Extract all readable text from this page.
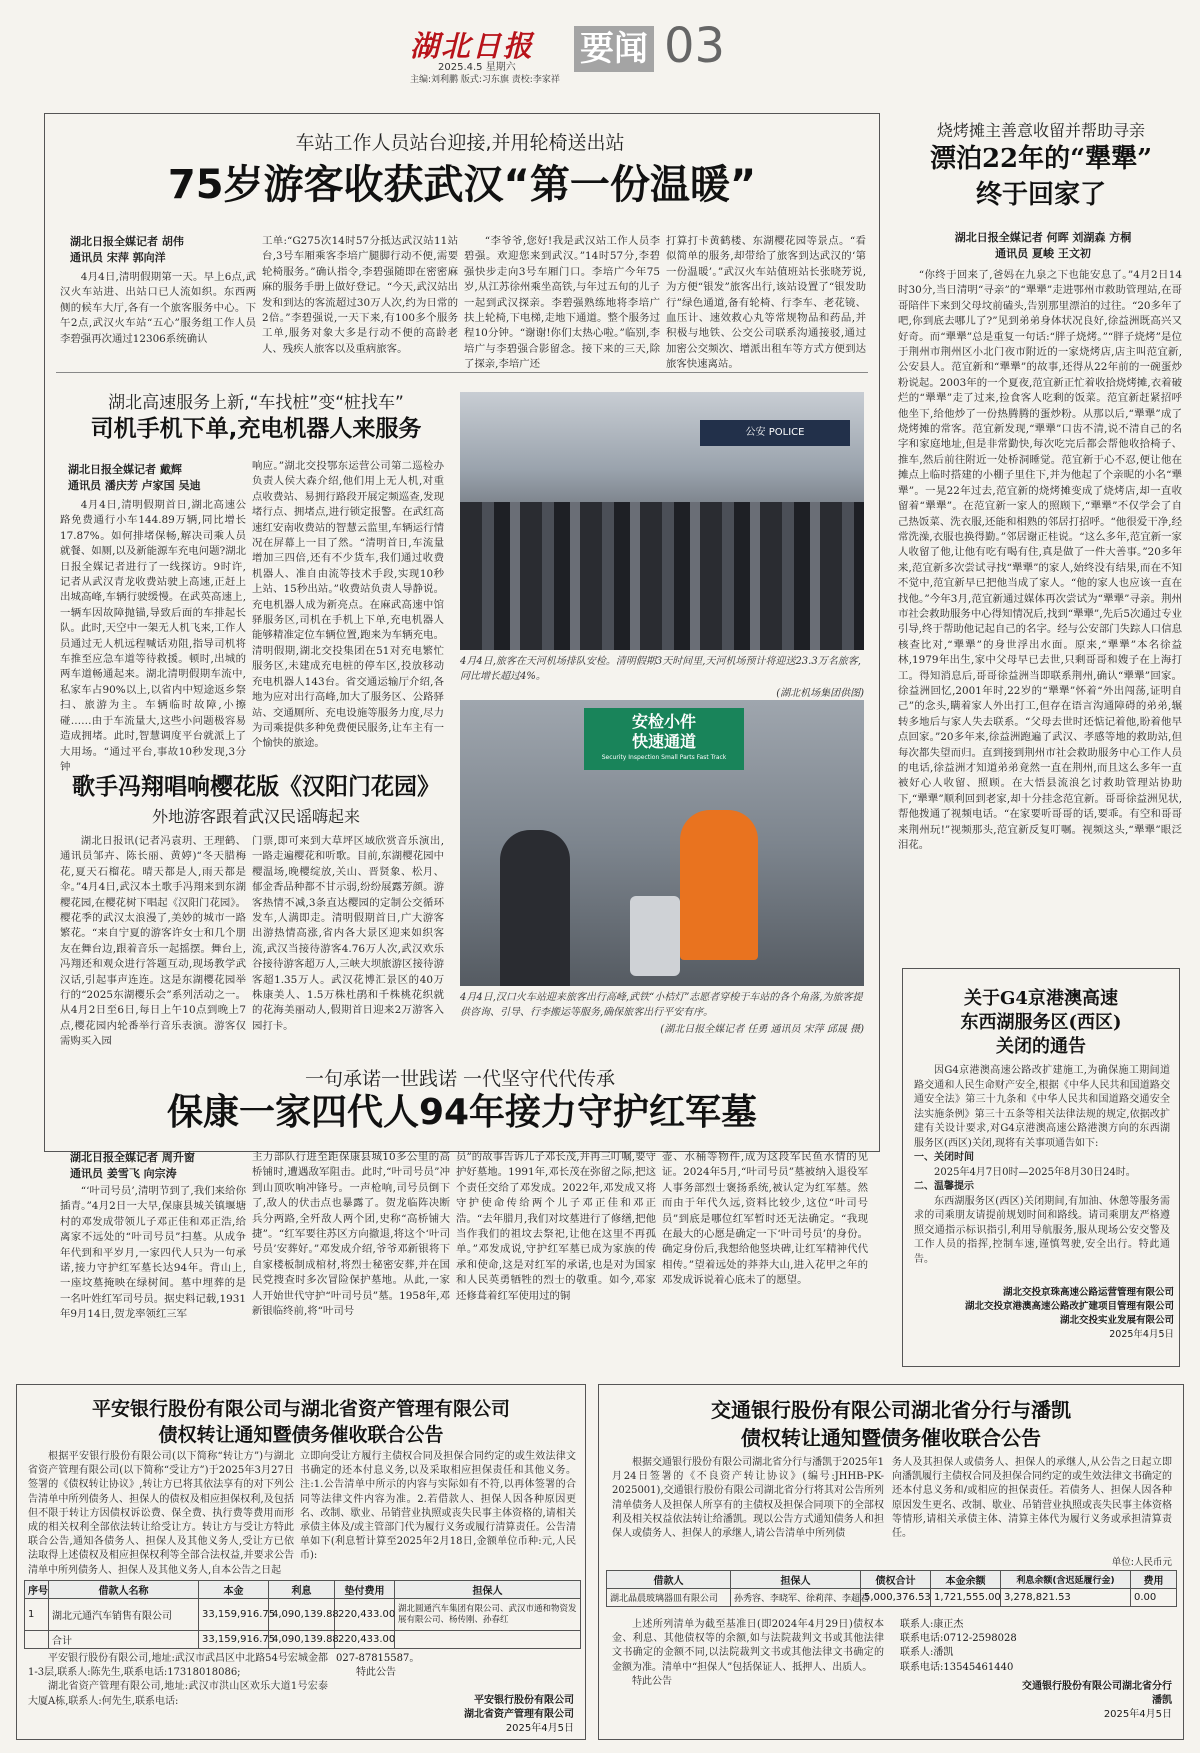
湖北日报
2025.4.5 星期六
主编:刘利鹏 版式:习东旗 责校:李家祥
要闻 03
车站工作人员站台迎接,并用轮椅送出站
75岁游客收获武汉“第一份温暖”
湖北日报全媒记者 胡伟
通讯员 宋萍 郭向洋
4月4日,清明假期第一天。早上6点,武汉火车站进、出站口已人流如织。东西两侧的候车大厅,各有一个旅客服务中心。下午2点,武汉火车站“五心”服务组工作人员李碧强再次通过12306系统确认
工单:“G275次14时57分抵达武汉站11站台,3号车厢乘客李培广腿脚行动不便,需要轮椅服务。”确认指令,李碧强随即在密密麻麻的服务手册上做好登记。“今天,武汉站出发和到达的客流超过30万人次,约为日常的2倍。”李碧强说,一天下来,有100多个服务工单,服务对象大多是行动不便的高龄老人、残疾人旅客以及重病旅客。
“李爷爷,您好!我是武汉站工作人员李碧强。欢迎您来到武汉。”14时57分,李碧强快步走向3号车厢门口。李培广今年75岁,从江苏徐州乘坐高铁,与年过五旬的儿子一起到武汉探亲。李碧强熟练地将李培广扶上轮椅,下电梯,走地下通道。整个服务过程10分钟。“谢谢!你们太热心啦。”临别,李培广与李碧强合影留念。接下来的三天,除了探亲,李培广还
打算打卡黄鹤楼、东湖樱花园等景点。“看似简单的服务,却带给了旅客到达武汉的‘第一份温暖’。”武汉火车站值班站长张晓芳说,为方便“银发”旅客出行,该站设置了“银发助行”绿色通道,备有轮椅、行李车、老花镜、血压计、速效救心丸等常规物品和药品,并积极与地铁、公交公司联系沟通接驳,通过加密公交频次、增派出租车等方式方便到达旅客快速离站。
湖北高速服务上新,“车找桩”变“桩找车”
司机手机下单,充电机器人来服务
湖北日报全媒记者 戴辉
通讯员 潘庆芳 卢家国 吴迪
4月4日,清明假期首日,湖北高速公路免费通行小车144.89万辆,同比增长17.87%。如何排堵保畅,解决司乘人员就餐、如厕,以及新能源车充电问题?湖北日报全媒记者进行了一线探访。9时许,记者从武汉青龙收费站驶上高速,正赶上出城高峰,车辆行驶缓慢。在武英高速上,一辆车因故障抛锚,导致后面的车排起长队。此时,天空中一架无人机飞来,工作人员通过无人机远程喊话劝阻,指导司机将车推至应急车道等待救援。顿时,出城的两车道畅通起来。湖北清明假期车流中,私家车占90%以上,以省内中短途返乡祭扫、旅游为主。车辆临时故障,小擦碰……由于车流量大,这些小问题极容易造成拥堵。此时,智慧调度平台就派上了大用场。“通过平台,事故10秒发现,3分钟
响应。”湖北交投鄂东运营公司第二巡检办负责人侯大森介绍,他们用上无人机,对重点收费站、易拥行路段开展定频巡查,发现堵行点、拥堵点,进行锁定报警。在武红高速红安南收费站的智慧云监里,车辆运行情况在屏幕上一目了然。“清明首日,车流量增加三四倍,还有不少货车,我们通过收费机器人、准自由流等技术手段,实现10秒上站、15秒出站。”收费站负责人导静说。充电机器人成为新亮点。在麻武高速中馆驿服务区,司机在手机上下单,充电机器人能够精准定位车辆位置,跑来为车辆充电。清明假期,湖北交投集团在51对充电繁忙服务区,未建成充电桩的停车区,投放移动充电机器人143台。省交通运输厅介绍,各地为应对出行高峰,加大了服务区、公路驿站、交通厕所、充电设施等服务力度,尽力为司乘提供多种免费便民服务,让车主有一个愉快的旅途。
公安 POLICE
4月4日,旅客在天河机场排队安检。清明假期3天时间里,天河机场预计将迎送23.3万名旅客,同比增长超过4%。
(湖北机场集团供图)
歌手冯翔唱响樱花版《汉阳门花园》
外地游客跟着武汉民谣嗨起来
湖北日报讯(记者冯袁玥、王理鹤、通讯员邹卉、陈长丽、黄婷)“冬天腊梅花,夏天石榴花。晴天都是人,雨天都是伞。”4月4日,武汉本土歌手冯翔来到东湖樱花园,在樱花树下唱起《汉阳门花园》。樱花季的武汉太浪漫了,美妙的城市一路繁花。“来自宁夏的游客许女士和几个朋友在舞台边,跟着音乐一起摇摆。舞台上,冯翔还和观众进行答题互动,现场教学武汉话,引起事声连连。这是东湖樱花园举行的“2025东湖樱乐会”系列活动之一。从4月2日至6日,每日上午10点到晚上7点,樱花园内轮番举行音乐表演。游客仅需购买入园
门票,即可来到大草坪区域欣赏音乐演出,一路走遍樱花和听歌。目前,东湖樱花园中樱温场,晚樱绽放,关山、晋贤象、松月、郁金香品种都不甘示弱,纷纷展露芳颜。游客热情不减,3条直达樱园的定制公交循环发车,人满即走。清明假期首日,广大游客出游热情高涨,省内各大景区迎来如织客流,武汉当接待游客4.76万人次,武汉欢乐谷接待游客超万人,三峡大坝旅游区接待游客超1.35万人。武汉花博汇景区的40万株康美人、1.5万株杜鹃和千株桃花织就的花海美丽动人,假期首日迎来2万游客入园打卡。
安检小件
快速通道
Security Inspection Small Parts Fast Track
4月4日,汉口火车站迎来旅客出行高峰,武铁“小桔灯”志愿者穿梭于车站的各个角落,为旅客提供咨询、引导、行李搬运等服务,确保旅客出行平安有序。
(湖北日报全媒记者 任勇 通讯员 宋萍 邱晟 摄)
烧烤摊主善意收留并帮助寻亲
漂泊22年的“犟犟”
终于回家了
湖北日报全媒记者 何晖 刘湖森 方桐
通讯员 夏峻 王文初
“你终于回来了,爸妈在九泉之下也能安息了。”4月2日14时30分,当日清明“寻亲”的“犟犟”走进鄂州市救助管理站,在哥哥陪伴下来到父母坟前磕头,告别那里漂泊的过往。“20多年了吧,你到底去哪儿了?”见到弟弟身体状况良好,徐益洲既高兴又好奇。而“犟犟”总是重复一句话:“胖子烧烤。”“胖子烧烤”是位于荆州市荆州区小北门夜市附近的一家烧烤店,店主叫范宜新,公安县人。范宜新和“犟犟”的故事,还得从22年前的一碗蛋炒粉说起。2003年的一个夏夜,范宜新正忙着收拾烧烤摊,衣着破烂的“犟犟”走了过来,捡食客人吃剩的饭菜。范宜新赶紧招呼他坐下,给他炒了一份热腾腾的蛋炒粉。从那以后,“犟犟”成了烧烤摊的常客。范宜新发现,“犟犟”口齿不清,说不清自己的名字和家庭地址,但是非常勤快,每次吃完后都会帮他收拾椅子、推车,然后前往附近一处桥洞睡觉。范宜新于心不忍,便让他在摊点上临时搭建的小棚子里住下,并为他起了个亲昵的小名“犟犟”。一晃22年过去,范宜新的烧烤摊变成了烧烤店,却一直收留着“犟犟”。在范宜新一家人的照顾下,“犟犟”不仅学会了自己热饭菜、洗衣服,还能和相熟的邻居打招呼。“他很爱干净,经常洗澡,衣服也换得勤。”邻居谢正桂说。“这么多年,范宜新一家人收留了他,让他有吃有喝有住,真是做了一件大善事。”20多年来,范宜新多次尝试寻找“犟犟”的家人,始终没有结果,而在不知不觉中,范宜新早已把他当成了家人。“他的家人也应该一直在找他。”今年3月,范宜新通过媒体再次尝试为“犟犟”寻亲。荆州市社会救助服务中心得知情况后,找到“犟犟”,先后5次通过专业引导,终于帮助他记起自己的名字。经与公安部门失踪人口信息核查比对,“犟犟”的身世浮出水面。原来,“犟犟”本名徐益林,1979年出生,家中父母早已去世,只剩哥哥和嫂子在上海打工。得知消息后,哥哥徐益洲当即联系荆州,确认“犟犟”回家。徐益洲回忆,2001年时,22岁的“犟犟”怀着“外出闯荡,证明自己”的念头,瞒着家人外出打工,但存在语言沟通障碍的弟弟,辗转多地后与家人失去联系。“父母去世时还惦记着他,盼着他早点回家。”20多年来,徐益洲跑遍了武汉、孝感等地的救助站,但每次都失望而归。直到接到荆州市社会救助服务中心工作人员的电话,徐益洲才知道弟弟竟然一直在荆州,而且这么多年一直被好心人收留、照顾。在大悟县流浪乞讨救助管理站协助下,“犟犟”顺利回到老家,却十分挂念范宜新。哥哥徐益洲见状,帮他拨通了视频电话。“在家要听哥哥的话,要乖。有空和哥哥来荆州玩!”视频那头,范宜新反复叮嘱。视频这头,“犟犟”眼泛泪花。
关于G4京港澳高速
东西湖服务区(西区)
关闭的通告
因G4京港澳高速公路改扩建施工,为确保施工期间道路交通和人民生命财产安全,根据《中华人民共和国道路交通安全法》第三十九条和《中华人民共和国道路交通安全法实施条例》第三十五条等相关法律法规的规定,依据改扩建有关设计要求,对G4京港澳高速公路港澳方向的东西湖服务区(西区)关闭,现将有关事项通告如下:
一、关闭时间
2025年4月7日0时—2025年8月30日24时。
二、温馨提示
东西湖服务区(西区)关闭期间,有加油、休憩等服务需求的司乘朋友请提前规划时间和路线。请司乘朋友严格遵照交通指示标识指引,利用导航服务,服从现场公安交警及工作人员的指挥,控制车速,谨慎驾驶,安全出行。特此通告。
湖北交投京珠高速公路运营管理有限公司
湖北交投京港澳高速公路改扩建项目管理有限公司
湖北交投实业发展有限公司
2025年4月5日
一句承诺一世践诺 一代坚守代代传承
保康一家四代人94年接力守护红军墓
湖北日报全媒记者 周升窗
通讯员 姜雪飞 向宗涛
“‘叶司号员’,清明节到了,我们来给你插青。”4月2日一大早,保康县城关镇堰塘村的邓发成带领儿子邓正佳和邓正浩,给离家不远处的“叶司号员”扫墓。从成争年代到和平岁月,一家四代人只为一句承诺,接力守护红军墓长达94年。背山上,一座坟墓掩映在绿树间。墓中埋葬的是一名叶姓红军司号员。据史料记载,1931年9月14日,贺龙率领红三军
主力部队行进至距保康县城10多公里的高桥铺时,遭遇敌军阻击。此时,“叶司号员”冲到山顶吹响冲锋号。一声枪响,司号员倒下了,敌人的伏击点也暴露了。贺龙临阵决断兵分两路,全歼敌人两个团,史称“高桥铺大捷”。“红军要往苏区方向撤退,将这个‘叶司号员’安葬好。”邓发成介绍,爷爷邓新银将下自家楼板制成棺材,将烈士秘密安葬,并在国民党搜查时多次冒险保护墓地。从此,一家人开始世代守护“叶司号员”墓。1958年,邓新银临终前,将“叶司号
员”的故事告诉儿子邓长茂,并再三叮嘱,要守护好墓地。1991年,邓长茂在弥留之际,把这个责任交给了邓发成。2022年,邓发成又将守护使命传给两个儿子邓正佳和邓正浩。“去年腊月,我们对坟墓进行了修缮,把他当作我们的祖坟去祭祀,让他在这里不再孤单。”邓发成说,守护红军墓已成为家族的传承和使命,这是对红军的承诺,也是对为国家和人民英勇牺牲的烈士的敬重。如今,邓家还修葺着红军使用过的铜
壶、水桶等物件,成为这段军民鱼水情的见证。2024年5月,“叶司号员”墓被纳入退役军人事务部烈士褒扬系统,被认定为红军墓。然而由于年代久远,资料比较少,这位“叶司号员”到底是哪位红军暂时还无法确定。“我现在最大的心愿是确定一下‘叶司号员’的身份。确定身份后,我想给他竖块碑,让红军精神代代相传。”望着远处的莽莽大山,进入花甲之年的邓发成诉说着心底未了的愿望。
平安银行股份有限公司与湖北省资产管理有限公司
债权转让通知暨债务催收联合公告
根据平安银行股份有限公司(以下简称“转让方”)与湖北省资产管理有限公司(以下简称“受让方”)于2025年3月27日签署的《债权转让协议》,转让方已将其依法享有的对下列公告清单中所列债务人、担保人的债权及相应担保权利,及包括但不限于转让方因债权诉讼费、保全费、执行费等费用而形成的相关权利全部依法转让给受让方。转让方与受让方特此联合公告,通知各债务人、担保人及其他义务人,受让方已依法取得上述债权及相应担保权利等全部合法权益,并要求公告清单中所列债务人、担保人及其他义务人,自本公告之日起
立即向受让方履行主债权合同及担保合同约定的或生效法律文书确定的还本付息义务,以及采取相应担保责任和其他义务。注:1.公告清单中所示的内容与实际如有不符,以再体签署的合同等法律文件内容为准。2.若借款人、担保人因各种原因更名、改制、歇业、吊销营业执照或丧失民事主体资格的,请相关承债主体及/或主管部门代为履行义务或履行清算责任。公告清单如下(利息暂计算至2025年2月18日,金额单位币种:元,人民币):
序号	借款人名称	本金	利息	垫付费用	担保人
1	湖北元通汽车销售有限公司	33,159,916.75	4,090,139.88	220,433.00	湖北圆通汽车集团有限公司、武汉市通和物资发展有限公司、杨传刚、孙春红
	合计	33,159,916.75	4,090,139.88	220,433.00	
平安银行股份有限公司,地址:武汉市武昌区中北路54号宏城金都1-3层,联系人:陈先生,联系电话:17318018086;
湖北省资产管理有限公司,地址:武汉市洪山区欢乐大道1号宏泰大厦A栋,联系人:何先生,联系电话:
027-87815587。
特此公告
平安银行股份有限公司
湖北省资产管理有限公司
2025年4月5日
交通银行股份有限公司湖北省分行与潘凯
债权转让通知暨债务催收联合公告
根据交通银行股份有限公司湖北省分行与潘凯于2025年1月24日签署的《不良资产转让协议》(编号:JHHB-PK-2025001),交通银行股份有限公司湖北省分行将其对公告所列清单债务人及担保人所享有的主债权及担保合同项下的全部权利及相关权益依法转让给潘凯。现以公告方式通知债务人和担保人或债务人、担保人的承继人,请公告清单中所列债
务人及其担保人或债务人、担保人的承继人,从公告之日起立即向潘凯履行主债权合同及担保合同约定的或生效法律文书确定的还本付息义务和/或相应的担保责任。若债务人、担保人因各种原因发生更名、改制、歇业、吊销营业执照或丧失民事主体资格等情形,请相关承债主体、清算主体代为履行义务或承担清算责任。
单位:人民币元
借款人	担保人	债权合计	本金余额	利息余额(含迟延履行金)	费用
湖北晶晨玻璃器皿有限公司	孙秀容、李晓军、徐莉萍、李超君	5,000,376.53	1,721,555.00	3,278,821.53	0.00
上述所列清单为截至基准日(即2024年4月29日)债权本金、利息、其他债权等的余额,如与法院裁判文书或其他法律文书确定的金额不同,以法院裁判文书或其他法律文书确定的金额为准。清单中“担保人”包括保证人、抵押人、出质人。
特此公告
联系人:康正杰
联系电话:0712-2598028
联系人:潘凯
联系电话:13545461440
交通银行股份有限公司湖北省分行
潘凯
2025年4月5日
